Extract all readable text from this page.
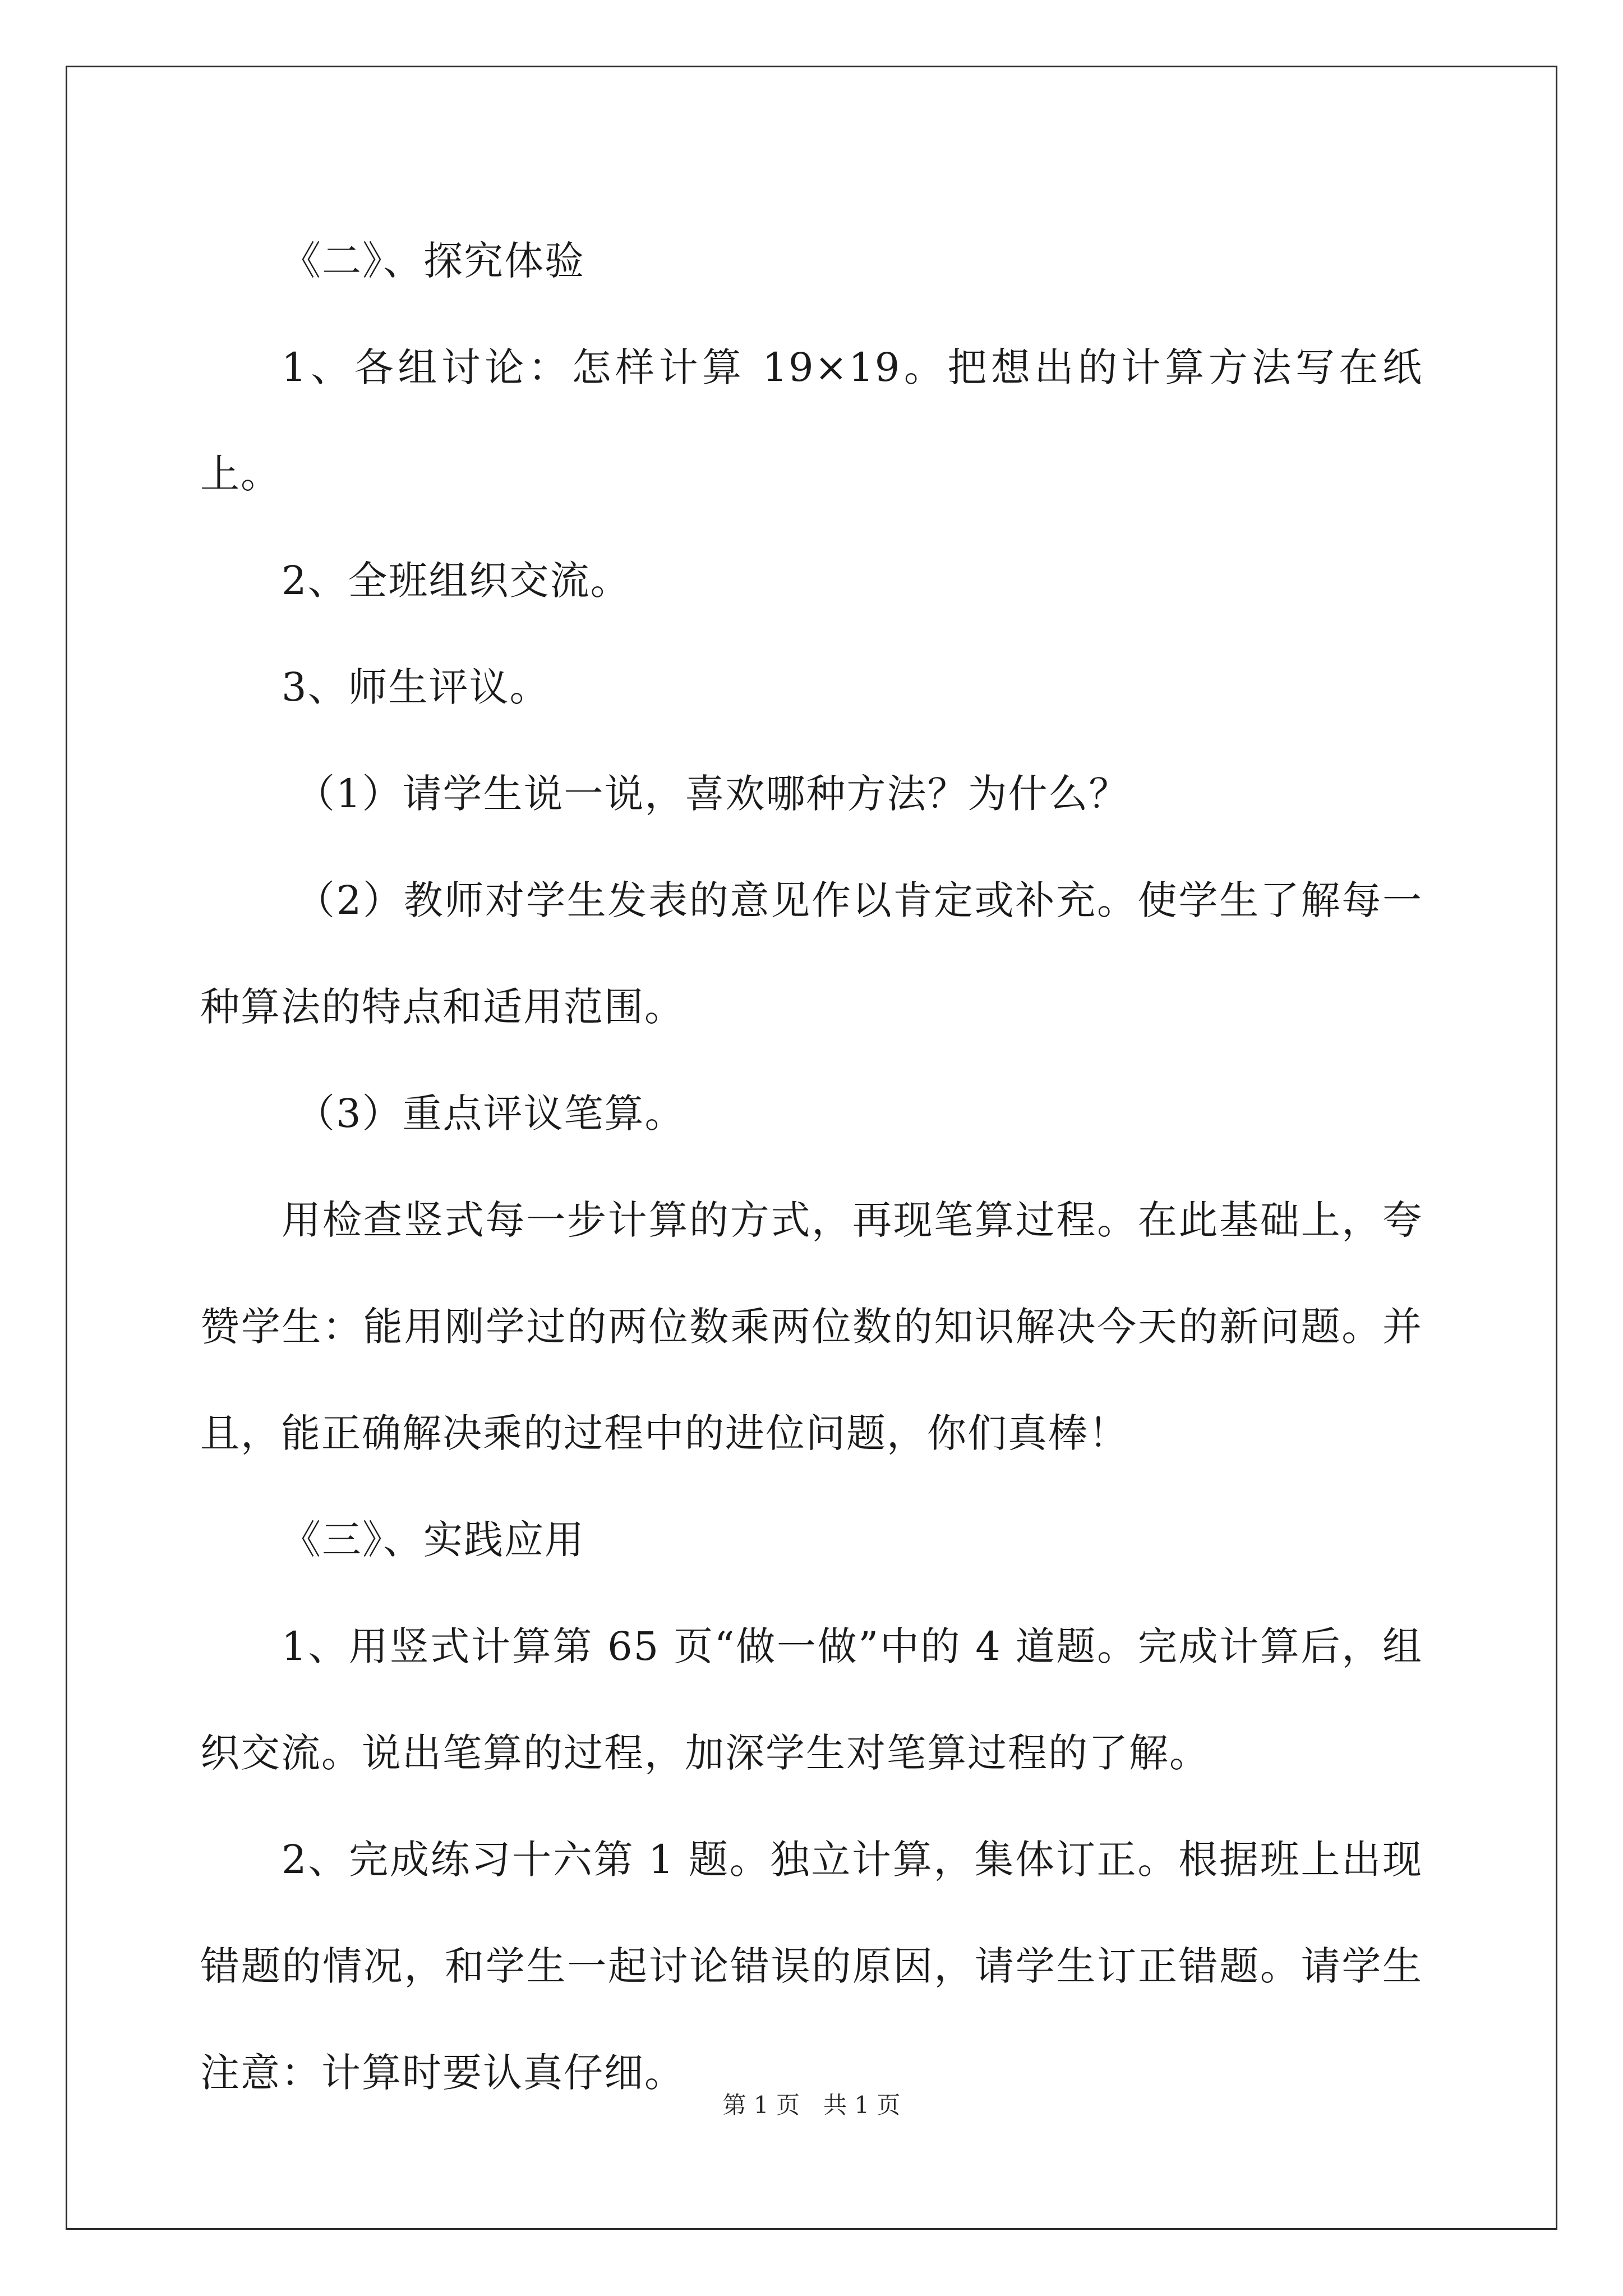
《二》、探究体验

1、各组讨论：怎样计算 19×19。把想出的计算方法写在纸上。

2、全班组织交流。

3、师生评议。

（1）请学生说一说，喜欢哪种方法？为什么？

（2）教师对学生发表的意见作以肯定或补充。使学生了解每一种算法的特点和适用范围。

（3）重点评议笔算。

用检查竖式每一步计算的方式，再现笔算过程。在此基础上，夸赞学生：能用刚学过的两位数乘两位数的知识解决今天的新问题。并且，能正确解决乘的过程中的进位问题，你们真棒！

《三》、实践应用

1、用竖式计算第 65 页“做一做”中的 4 道题。完成计算后，组织交流。说出笔算的过程，加深学生对笔算过程的了解。

2、完成练习十六第 1 题。独立计算，集体订正。根据班上出现错题的情况，和学生一起讨论错误的原因，请学生订正错题。请学生注意：计算时要认真仔细。

第 1 页　共 1 页
